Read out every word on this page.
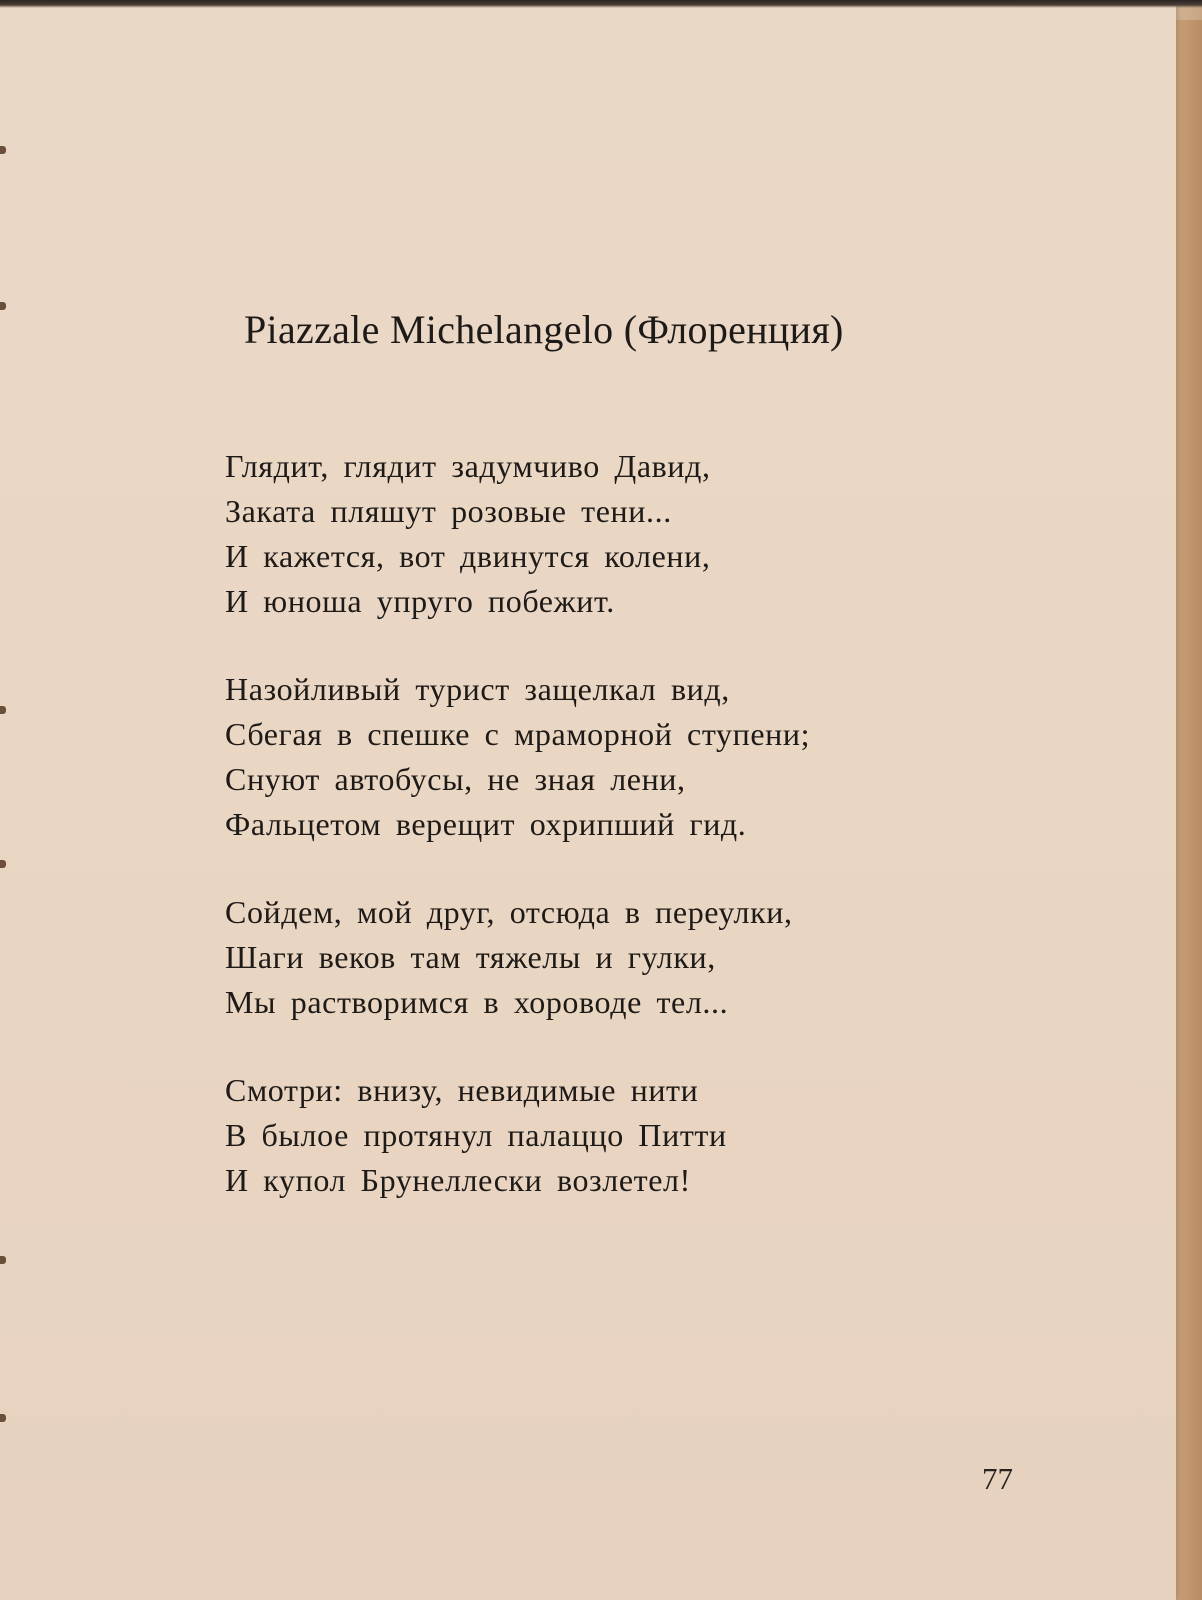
Piazzale Michelangelo (Флоренция)
Глядит, глядит задумчиво Давид,
Заката пляшут розовые тени...
И кажется, вот двинутся колени,
И юноша упруго побежит.
Назойливый турист защелкал вид,
Сбегая в спешке с мраморной ступени;
Снуют автобусы, не зная лени,
Фальцетом верещит охрипший гид.
Сойдем, мой друг, отсюда в переулки,
Шаги веков там тяжелы и гулки,
Мы растворимся в хороводе тел...
Смотри: внизу, невидимые нити
В былое протянул палаццо Питти
И купол Брунеллески возлетел!
77
